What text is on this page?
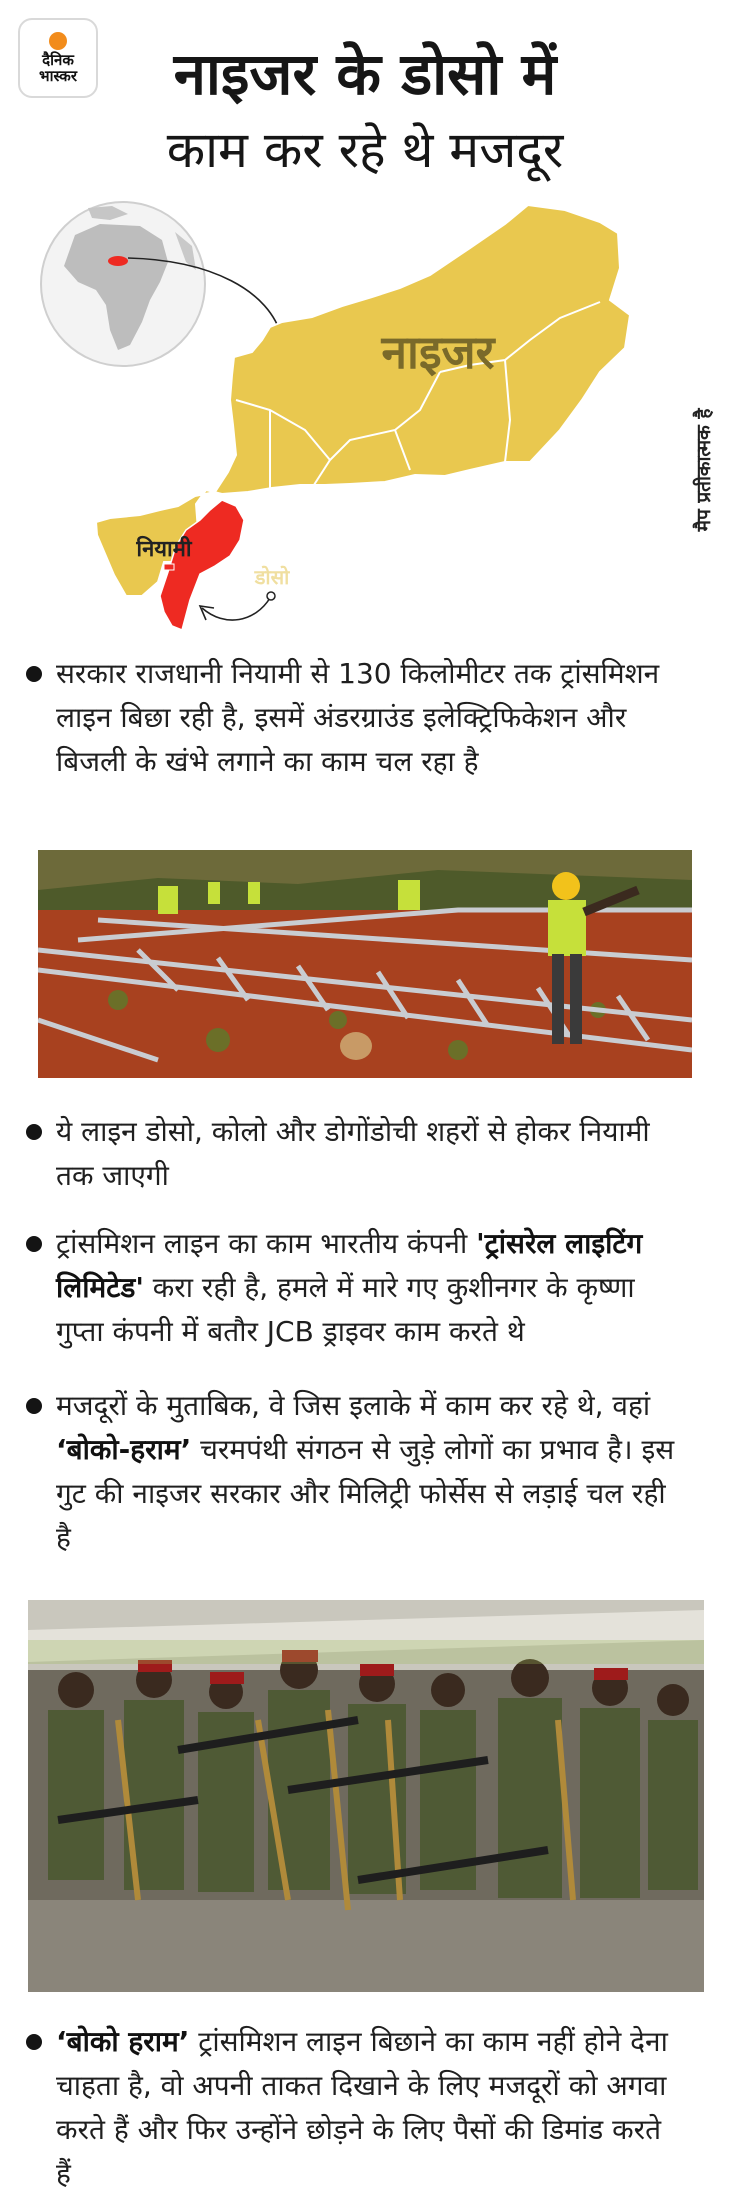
दैनिक
भास्कर	नाइजर के डोसो में
काम कर रहे थे मजदूर
नाइजर
नियामी
डोसो
मैप प्रतीकात्मक है
सरकार राजधानी नियामी से 130 किलोमीटर तक ट्रांसमिशन लाइन बिछा रही है, इसमें अंडरग्राउंड इलेक्ट्रिफिकेशन और बिजली के खंभे लगाने का काम चल रहा है
ये लाइन डोसो, कोलो और डोगोंडोची शहरों से होकर नियामी तक जाएगी
ट्रांसमिशन लाइन का काम भारतीय कंपनी 'ट्रांसरेल लाइटिंग लिमिटेड' करा रही है, हमले में मारे गए कुशीनगर के कृष्णा गुप्ता कंपनी में बतौर JCB ड्राइवर काम करते थे
मजदूरों के मुताबिक, वे जिस इलाके में काम कर रहे थे, वहां ‘बोको-हराम’ चरमपंथी संगठन से जुड़े लोगों का प्रभाव है। इस गुट की नाइजर सरकार और मिलिट्री फोर्सेस से लड़ाई चल रही है
‘बोको हराम’ ट्रांसमिशन लाइन बिछाने का काम नहीं होने देना चाहता है, वो अपनी ताकत दिखाने के लिए मजदूरों को अगवा करते हैं और फिर उन्होंने छोड़ने के लिए पैसों की डिमांड करते हैं
